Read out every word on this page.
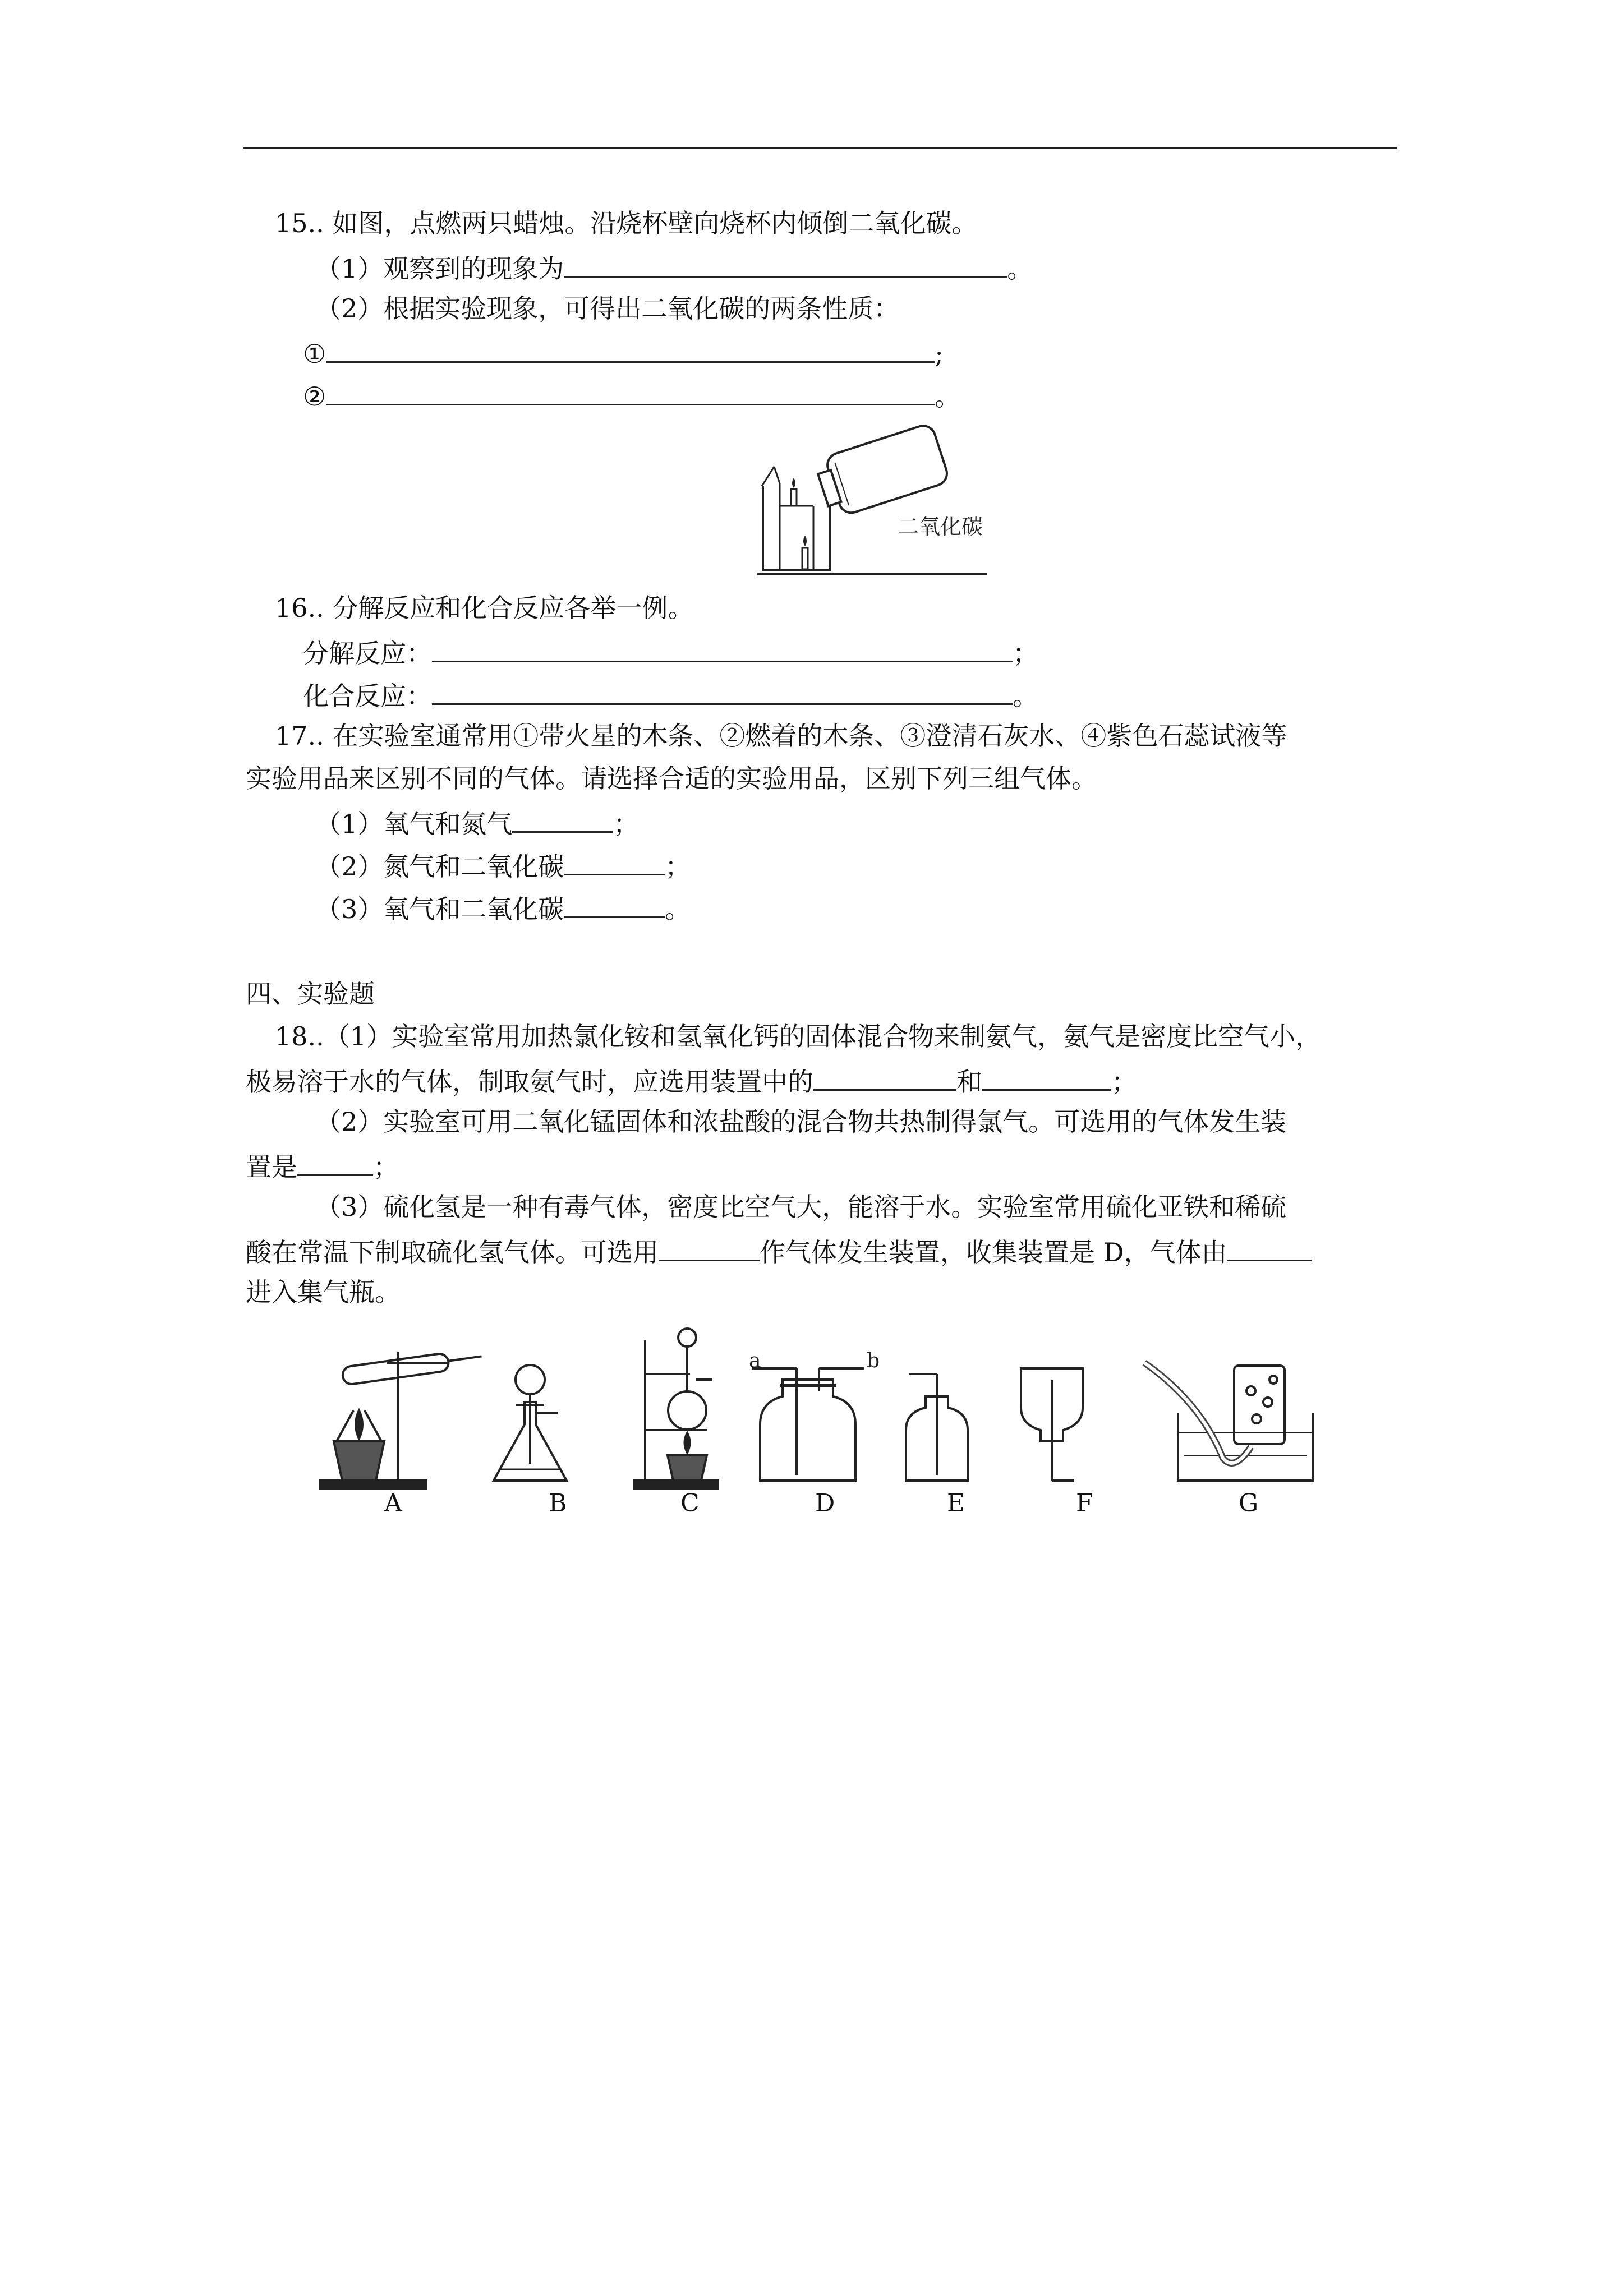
15.. 如图，点燃两只蜡烛。沿烧杯壁向烧杯内倾倒二氧化碳。
（1）观察到的现象为	。
（2）根据实验现象，可得出二氧化碳的两条性质：
①	;
②	。
二氧化碳
16.. 分解反应和化合反应各举一例。
分解反应：	；
化合反应：	。
17.. 在实验室通常用①带火星的木条、②燃着的木条、③澄清石灰水、④紫色石蕊试液等
实验用品来区别不同的气体。请选择合适的实验用品，区别下列三组气体。
（1）氧气和氮气	；
（2）氮气和二氧化碳	；
（3）氧气和二氧化碳	。
四、实验题
18..（1）实验室常用加热氯化铵和氢氧化钙的固体混合物来制氨气，氨气是密度比空气小，
极易溶于水的气体，制取氨气时，应选用装置中的	和	；
（2）实验室可用二氧化锰固体和浓盐酸的混合物共热制得氯气。可选用的气体发生装
置是	；
（3）硫化氢是一种有毒气体，密度比空气大，能溶于水。实验室常用硫化亚铁和稀硫
酸在常温下制取硫化氢气体。可选用	作气体发生装置，收集装置是 D，气体由
进入集气瓶。
a	b
A	B	C	D	E	F	G
